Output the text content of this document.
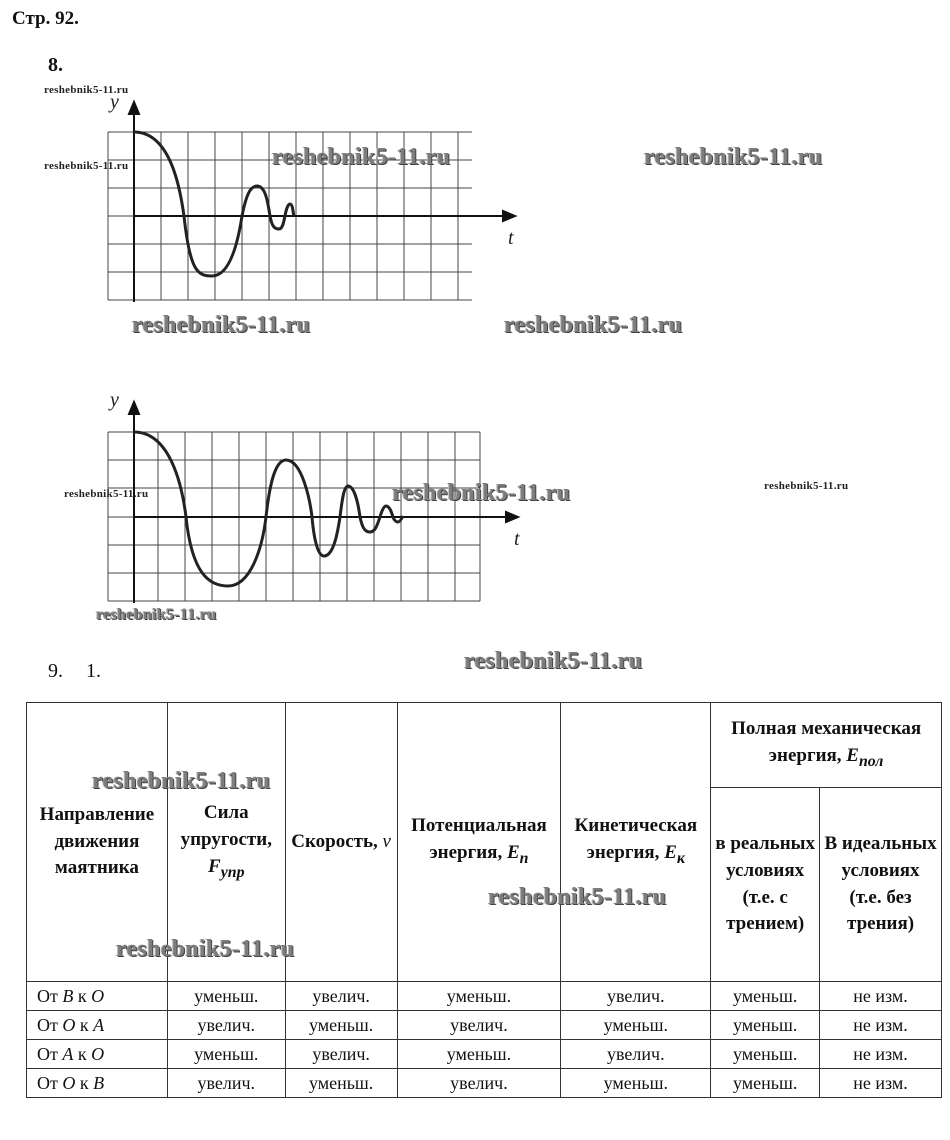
Стр. 92.
8.
y
t
y
t
9. 1.
Направление движения маятника	Сила упругости, $F_{упр}$	Скорость, v	Потенциальная энергия, $E_п$	Кинетическая энергия, $E_к$	Полная механическая энергия, $E_{пол}$
					в реальных условиях (т.е. с трением)	В идеальных условиях (т.е. без трения)
От B к O	уменьш.	увелич.	уменьш.	увелич.	уменьш.	не изм.
От O к A	увелич.	уменьш.	увелич.	уменьш.	уменьш.	не изм.
От A к O	уменьш.	увелич.	уменьш.	увелич.	уменьш.	не изм.
От O к B	увелич.	уменьш.	увелич.	уменьш.	уменьш.	не изм.
reshebnik5-11.ru
reshebnik5-11.ru	reshebnik5-11.ru	reshebnik5-11.ru
reshebnik5-11.ru	reshebnik5-11.ru
reshebnik5-11.ru	reshebnik5-11.ru	reshebnik5-11.ru
reshebnik5-11.ru
reshebnik5-11.ru
reshebnik5-11.ru
reshebnik5-11.ru
reshebnik5-11.ru
